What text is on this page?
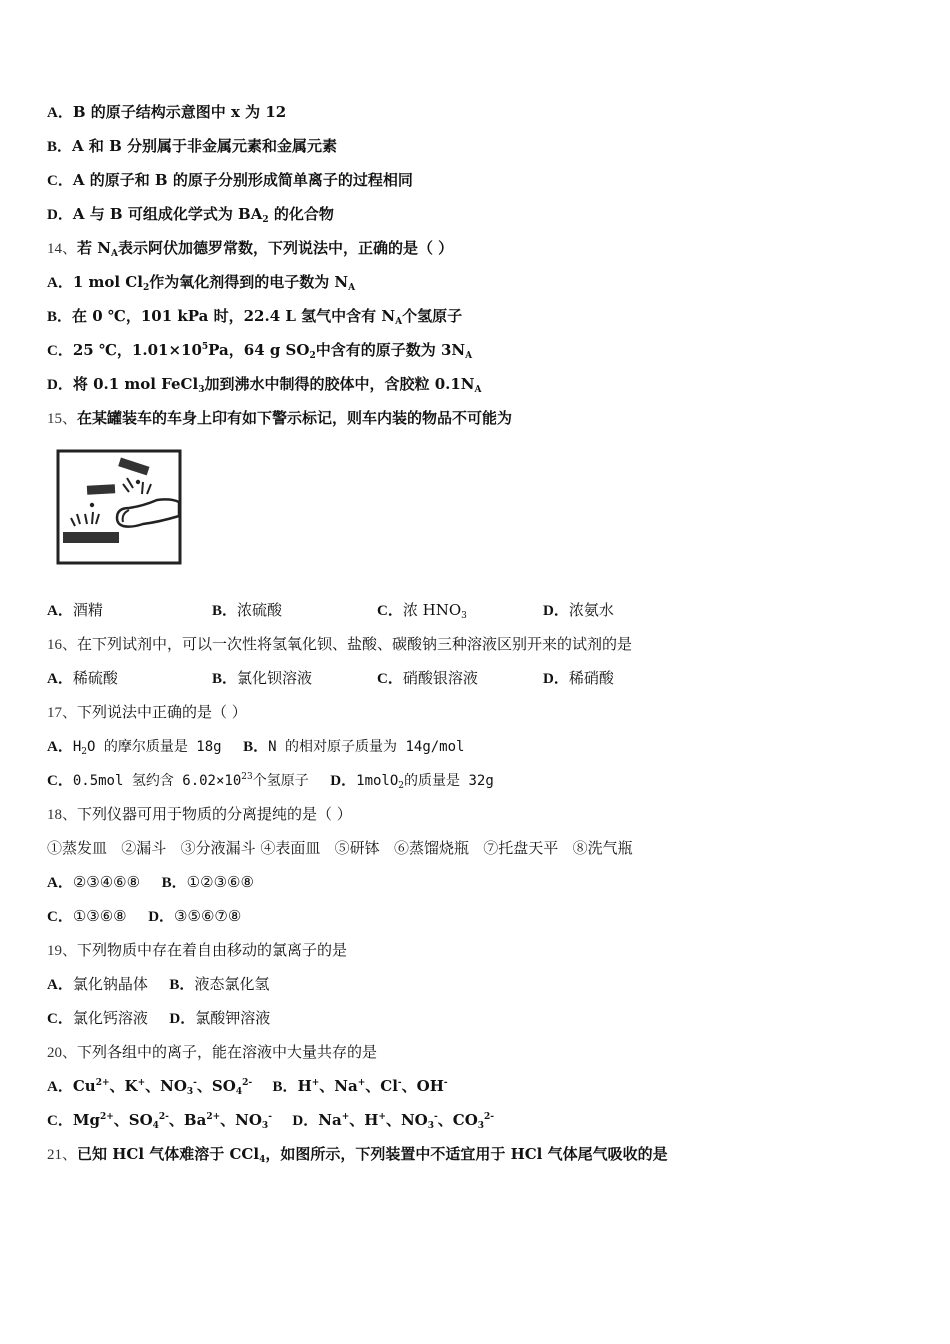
A．B 的原子结构示意图中 x 为 12
B．A 和 B 分别属于非金属元素和金属元素
C．A 的原子和 B 的原子分别形成简单离子的过程相同
D．A 与 B 可组成化学式为 $BA_2$ 的化合物
14、若 $N_A$表示阿伏加德罗常数，下列说法中，正确的是（ ）
A．1 mol $Cl_2$作为氧化剂得到的电子数为 $N_A$
B．在 0 ℃，101 kPa 时，22.4 L 氢气中含有 $N_A$个氢原子
C．25 ℃，$1.01\times 10^5Pa$，64 g $SO_2$中含有的原子数为 $3N_A$
D．将 0.1 mol FeCl$_3$加到沸水中制得的胶体中，含胶粒 $0.1N_A$
15、在某罐装车的车身上印有如下警示标记，则车内装的物品不可能为
A．酒精	B．浓硫酸	C．浓 $HNO_3$	D．浓氨水
16、在下列试剂中，可以一次性将氢氧化钡、盐酸、碳酸钠三种溶液区别开来的试剂的是
A．稀硫酸	B．氯化钡溶液	C．硝酸银溶液	D．稀硝酸
17、下列说法中正确的是（ ）
A．$H_2O$ 的摩尔质量是 18g B．N 的相对原子质量为 14g/mol
C．0.5mol 氢约含 $6.02\times 10^{23}$个氢原子 D．1molO$_2$的质量是 32g
18、下列仪器可用于物质的分离提纯的是（ ）
①蒸发皿   ②漏斗   ③分液漏斗 ④表面皿   ⑤研钵   ⑥蒸馏烧瓶   ⑦托盘天平   ⑧洗气瓶
A．②③④⑥⑧ B．①②③⑥⑧
C．①③⑥⑧ D．③⑤⑥⑦⑧
19、下列物质中存在着自由移动的氯离子的是
A．氯化钠晶体 B．液态氯化氢
C．氯化钙溶液 D．氯酸钾溶液
20、下列各组中的离子，能在溶液中大量共存的是
A．$Cu^{2+}$、K+、$NO_3^-$、$SO_4^{2-}$ B．H+、Na+、Cl-、OH-
C．$Mg^{2+}$、$SO_4^{2-}$、$Ba^{2+}$、$NO_3^-$ D．Na+、H+、$NO_3^-$、$CO_3^{2-}$
21、已知 HCl 气体难溶于 CCl$_4$，如图所示，下列装置中不适宜用于 HCl 气体尾气吸收的是
